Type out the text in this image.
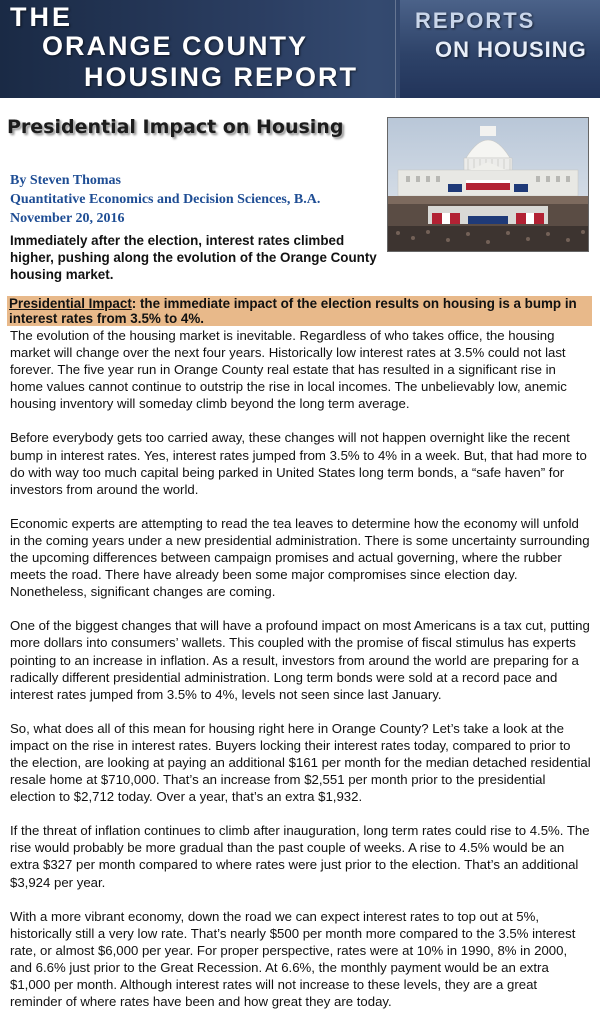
THE
ORANGE COUNTY
HOUSING REPORT
REPORTS
ON HOUSING
Presidential Impact on Housing
By Steven Thomas
Quantitative Economics and Decision Sciences, B.A.
November 20, 2016
Immediately after the election, interest rates climbed higher, pushing along the evolution of the Orange County housing market.
Presidential Impact: the immediate impact of the election results on housing is a bump in interest rates from 3.5% to 4%.

The evolution of the housing market is inevitable. Regardless of who takes office, the housing market will change over the next four years. Historically low interest rates at 3.5% could not last forever. The five year run in Orange County real estate that has resulted in a significant rise in home values cannot continue to outstrip the rise in local incomes. The unbelievably low, anemic housing inventory will someday climb beyond the long term average.

Before everybody gets too carried away, these changes will not happen overnight like the recent bump in interest rates. Yes, interest rates jumped from 3.5% to 4% in a week. But, that had more to do with way too much capital being parked in United States long term bonds, a “safe haven” for investors from around the world.

Economic experts are attempting to read the tea leaves to determine how the economy will unfold in the coming years under a new presidential administration. There is some uncertainty surrounding the upcoming differences between campaign promises and actual governing, where the rubber meets the road. There have already been some major compromises since election day. Nonetheless, significant changes are coming.

One of the biggest changes that will have a profound impact on most Americans is a tax cut, putting more dollars into consumers’ wallets. This coupled with the promise of fiscal stimulus has experts pointing to an increase in inflation. As a result, investors from around the world are preparing for a radically different presidential administration. Long term bonds were sold at a record pace and interest rates jumped from 3.5% to 4%, levels not seen since last January.

So, what does all of this mean for housing right here in Orange County? Let’s take a look at the impact on the rise in interest rates. Buyers locking their interest rates today, compared to prior to the election, are looking at paying an additional $161 per month for the median detached residential resale home at $710,000. That’s an increase from $2,551 per month prior to the presidential election to $2,712 today. Over a year, that’s an extra $1,932.

If the threat of inflation continues to climb after inauguration, long term rates could rise to 4.5%. The rise would probably be more gradual than the past couple of weeks. A rise to 4.5% would be an extra $327 per month compared to where rates were just prior to the election. That’s an additional $3,924 per year.

With a more vibrant economy, down the road we can expect interest rates to top out at 5%, historically still a very low rate. That’s nearly $500 per month more compared to the 3.5% interest rate, or almost $6,000 per year. For proper perspective, rates were at 10% in 1990, 8% in 2000, and 6.6% just prior to the Great Recession. At 6.6%, the monthly payment would be an extra $1,000 per month. Although interest rates will not increase to these levels, they are a great reminder of where rates have been and how great they are today.
